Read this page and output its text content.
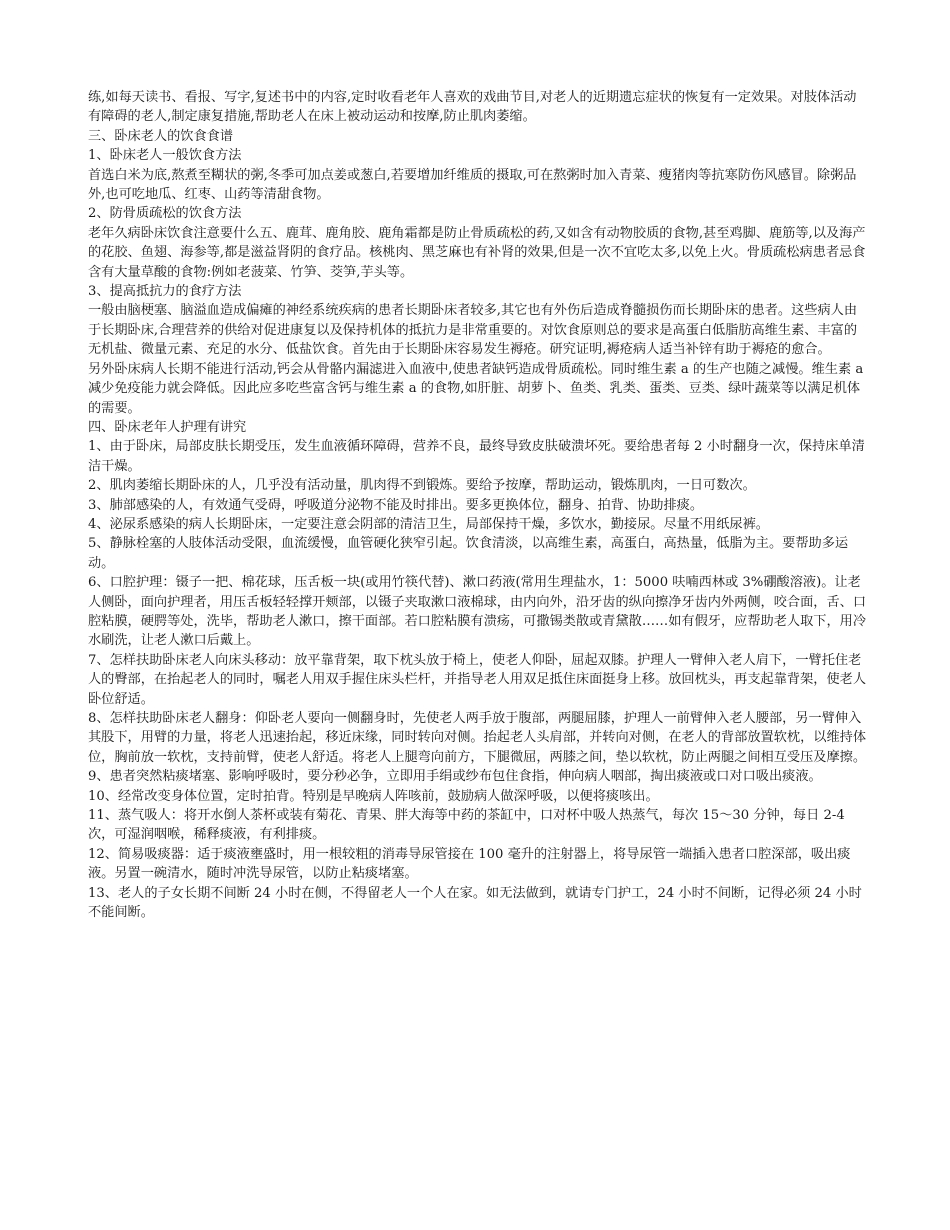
练,如每天读书、看报、写字,复述书中的内容,定时收看老年人喜欢的戏曲节目,对老人的近期遗忘症状的恢复有一定效果。对肢体活动有障碍的老人,制定康复措施,帮助老人在床上被动运动和按摩,防止肌肉萎缩。

三、卧床老人的饮食食谱

1、卧床老人一般饮食方法

首选白米为底,熬煮至糊状的粥,冬季可加点姜或葱白,若要增加纤维质的摄取,可在熬粥时加入青菜、瘦猪肉等抗寒防伤风感冒。除粥品外,也可吃地瓜、红枣、山药等清甜食物。

2、防骨质疏松的饮食方法

老年久病卧床饮食注意要什么五、鹿茸、鹿角胶、鹿角霜都是防止骨质疏松的药,又如含有动物胶质的食物,甚至鸡脚、鹿筋等,以及海产的花胶、鱼翅、海参等,都是滋益肾阴的食疗品。核桃肉、黑芝麻也有补肾的效果,但是一次不宜吃太多,以免上火。骨质疏松病患者忌食含有大量草酸的食物:例如老菠菜、竹笋、茭笋,芋头等。

3、提高抵抗力的食疗方法

一般由脑梗塞、脑溢血造成偏瘫的神经系统疾病的患者长期卧床者较多,其它也有外伤后造成脊髓损伤而长期卧床的患者。这些病人由于长期卧床,合理营养的供给对促进康复以及保持机体的抵抗力是非常重要的。对饮食原则总的要求是高蛋白低脂肪高维生素、丰富的无机盐、微量元素、充足的水分、低盐饮食。首先由于长期卧床容易发生褥疮。研究证明,褥疮病人适当补锌有助于褥疮的愈合。

另外卧床病人长期不能进行活动,钙会从骨骼内漏滤进入血液中,使患者缺钙造成骨质疏松。同时维生素 a 的生产也随之减慢。维生素 a 减少免疫能力就会降低。因此应多吃些富含钙与维生素 a 的食物,如肝脏、胡萝卜、鱼类、乳类、蛋类、豆类、绿叶蔬菜等以满足机体的需要。

四、卧床老年人护理有讲究

1、由于卧床，局部皮肤长期受压，发生血液循环障碍，营养不良，最终导致皮肤破溃坏死。要给患者每 2 小时翻身一次，保持床单清洁干燥。

2、肌肉萎缩长期卧床的人，几乎没有活动量，肌肉得不到锻炼。要给予按摩，帮助运动，锻炼肌肉，一日可数次。

3、肺部感染的人，有效通气受碍，呼吸道分泌物不能及时排出。要多更换体位，翻身、拍背、协助排痰。

4、泌尿系感染的病人长期卧床，一定要注意会阴部的清洁卫生，局部保持干燥，多饮水，勤接尿。尽量不用纸尿裤。

5、静脉栓塞的人肢体活动受限，血流缓慢，血管硬化狭窄引起。饮食清淡，以高维生素，高蛋白，高热量，低脂为主。要帮助多运动。

6、口腔护理：镊子一把、棉花球，压舌板一块(或用竹筷代替)、漱口药液(常用生理盐水，1：5000 呋喃西林或 3%硼酸溶液)。让老人侧卧，面向护理者，用压舌板轻轻撑开颊部，以镊子夹取漱口液棉球，由内向外，沿牙齿的纵向擦净牙齿内外两侧，咬合面，舌、口腔粘膜，硬腭等处，洗毕，帮助老人漱口，擦干面部。若口腔粘膜有溃疡，可撒锡类散或青黛散……如有假牙，应帮助老人取下，用冷水刷洗，让老人漱口后戴上。

7、怎样扶助卧床老人向床头移动：放平靠背架，取下枕头放于椅上，使老人仰卧，屈起双膝。护理人一臂伸入老人肩下，一臂托住老人的臀部，在抬起老人的同时，嘱老人用双手握住床头栏杆，并指导老人用双足抵住床面挺身上移。放回枕头，再支起靠背架，使老人卧位舒适。

8、怎样扶助卧床老人翻身：仰卧老人要向一侧翻身时，先使老人两手放于腹部，两腿屈膝，护理人一前臂伸入老人腰部，另一臂伸入其股下，用臂的力量，将老人迅速抬起，移近床缘，同时转向对侧。抬起老人头肩部，并转向对侧，在老人的背部放置软枕，以维持体位，胸前放一软枕，支持前臂，使老人舒适。将老人上腿弯向前方，下腿微屈，两膝之间，垫以软枕，防止两腿之间相互受压及摩擦。

9、患者突然粘痰堵塞、影响呼吸时，要分秒必争，立即用手绢或纱布包住食指，伸向病人咽部，掏出痰液或口对口吸出痰液。

10、经常改变身体位置，定时拍背。特别是早晚病人阵咳前，鼓励病人做深呼吸，以便将痰咳出。

11、蒸气吸人：将开水倒人茶杯或装有菊花、青果、胖大海等中药的茶缸中，口对杯中吸人热蒸气，每次 15～30 分钟，每日 2-4 次，可湿润咽喉，稀释痰液，有利排痰。

12、简易吸痰器：适于痰液壅盛时，用一根较粗的消毒导尿管接在 100 毫升的注射器上，将导尿管一端插入患者口腔深部，吸出痰液。另置一碗清水，随时冲洗导尿管，以防止粘痰堵塞。

13、老人的子女长期不间断 24 小时在侧，不得留老人一个人在家。如无法做到，就请专门护工，24 小时不间断，记得必须 24 小时不能间断。
